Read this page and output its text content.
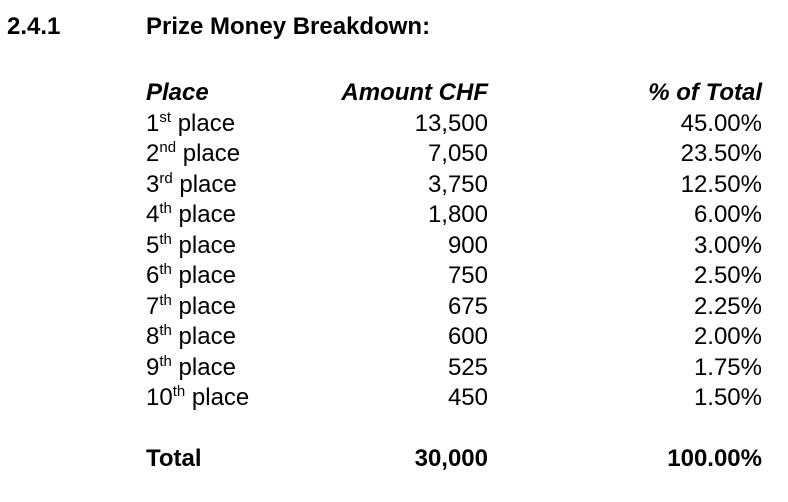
2.4.1	Prize Money Breakdown:
Place	Amount CHF	% of Total
1st place	13,500	45.00%
2nd place	7,050	23.50%
3rd place	3,750	12.50%
4th place	1,800	6.00%
5th place	900	3.00%
6th place	750	2.50%
7th place	675	2.25%
8th place	600	2.00%
9th place	525	1.75%
10th place	450	1.50%
Total	30,000	100.00%
